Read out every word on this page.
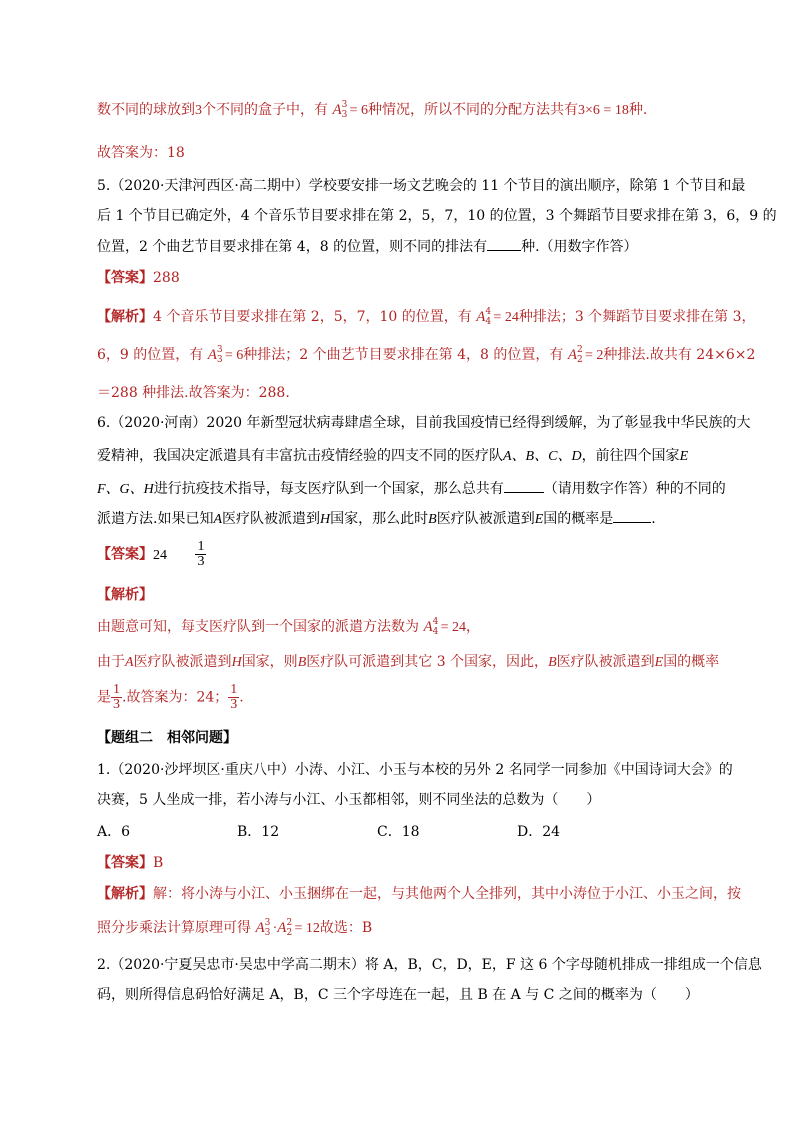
数不同的球放到3个不同的盒子中，有 A 3
3 = 6种情况，所以不同的分配方法共有3×6 = 18种.
故答案为：18
5.（2020·天津河西区·高二期中）学校要安排一场文艺晚会的 11 个节目的演出顺序，除第 1 个节目和最
后 1 个节目已确定外，4 个音乐节目要求排在第 2，5，7，10 的位置，3 个舞蹈节目要求排在第 3，6，9 的
位置，2 个曲艺节目要求排在第 4，8 的位置，则不同的排法有 种.（用数字作答）
【答案】288
【解析】4 个音乐节目要求排在第 2，5，7，10 的位置，有 A 4
4 = 24种排法；3 个舞蹈节目要求排在第 3，
6，9 的位置，有 A 3
3 = 6种排法；2 个曲艺节目要求排在第 4，8 的位置，有 A 2
2 = 2种排法.故共有 24×6×2
＝288 种排法.故答案为：288.
6.（2020·河南）2020 年新型冠状病毒肆虐全球，目前我国疫情已经得到缓解，为了彰显我中华民族的大
爱精神，我国决定派遣具有丰富抗击疫情经验的四支不同的医疗队A、B、C、D，前往四个国家E
F、G、H进行抗疫技术指导，每支医疗队到一个国家，那么总共有	（请用数字作答）种的不同的
派遣方法.如果已知A医疗队被派遣到H国家，那么此时B医疗队被派遣到E国的概率是	.
【答案】$24 \frac{1}{3}$
【解析】
由题意可知，每支医疗队到一个国家的派遣方法数为 A 4
4 = 24，
由于A医疗队被派遣到H国家，则B医疗队可派遣到其它 3 个国家，因此，B医疗队被派遣到E国的概率
是 $\frac{1}{3}$ .故答案为：24； $\frac{1}{3}$ .
【题组二　相邻问题】
1.（2020·沙坪坝区·重庆八中）小涛、小江、小玉与本校的另外 2 名同学一同参加《中国诗词大会》的
决赛，5 人坐成一排，若小涛与小江、小玉都相邻，则不同坐法的总数为（　　）
A．6	B．12	C．18	D．24
【答案】B
【解析】解：将小涛与小江、小玉捆绑在一起，与其他两个人全排列，其中小涛位于小江、小玉之间，按
照分步乘法计算原理可得 A 3
3 ·A 2
2 = 12故选：B
2.（2020·宁夏吴忠市·吴忠中学高二期末）将 A，B，C，D，E，F 这 6 个字母随机排成一排组成一个信息
码，则所得信息码恰好满足 A，B，C 三个字母连在一起，且 B 在 A 与 C 之间的概率为（　　）
